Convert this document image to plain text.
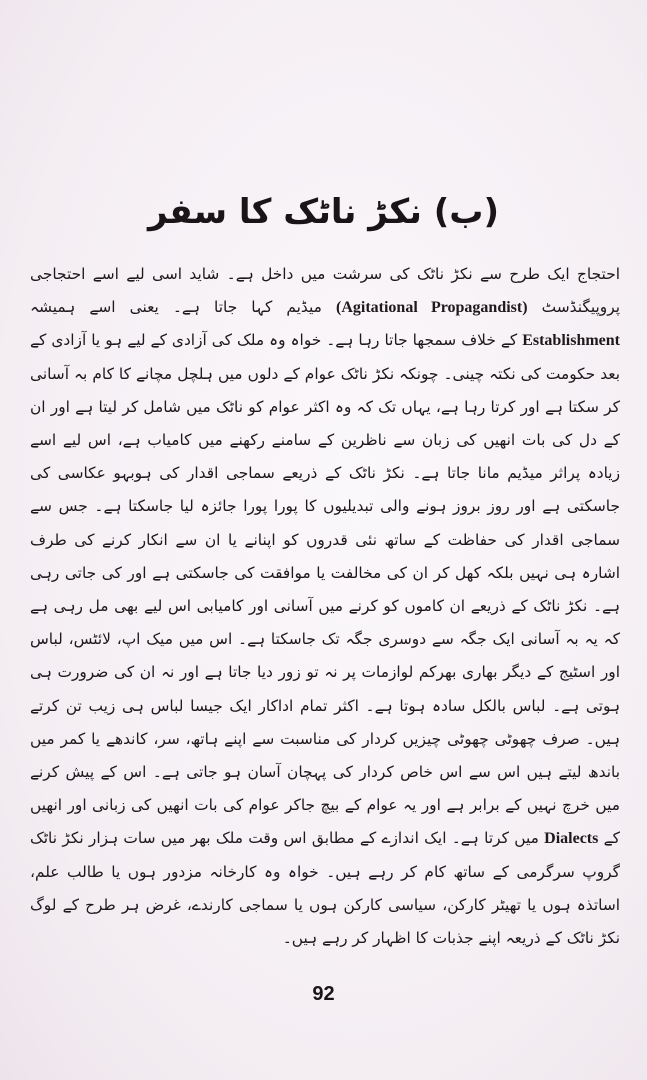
(ب) نکڑ ناٹک کا سفر

احتجاج ایک طرح سے نکڑ ناٹک کی سرشت میں داخل ہے۔ شاید اسی لیے اسے احتجاجی پروپیگنڈسٹ (Agitational Propagandist) میڈیم کہا جاتا ہے۔ یعنی اسے ہمیشہ Establishment کے خلاف سمجھا جاتا رہا ہے۔ خواہ وہ ملک کی آزادی کے لیے ہو یا آزادی کے بعد حکومت کی نکتہ چینی۔ چونکہ نکڑ ناٹک عوام کے دلوں میں ہلچل مچانے کا کام بہ آسانی کر سکتا ہے اور کرتا رہا ہے، یہاں تک کہ وہ اکثر عوام کو ناٹک میں شامل کر لیتا ہے اور ان کے دل کی بات انھیں کی زبان سے ناظرین کے سامنے رکھنے میں کامیاب ہے، اس لیے اسے زیادہ پراثر میڈیم مانا جاتا ہے۔ نکڑ ناٹک کے ذریعے سماجی اقدار کی ہوبہو عکاسی کی جاسکتی ہے اور روز بروز ہونے والی تبدیلیوں کا پورا پورا جائزہ لیا جاسکتا ہے۔ جس سے سماجی اقدار کی حفاظت کے ساتھ نئی قدروں کو اپنانے یا ان سے انکار کرنے کی طرف اشارہ ہی نہیں بلکہ کھل کر ان کی مخالفت یا موافقت کی جاسکتی ہے اور کی جاتی رہی ہے۔ نکڑ ناٹک کے ذریعے ان کاموں کو کرنے میں آسانی اور کامیابی اس لیے بھی مل رہی ہے کہ یہ بہ آسانی ایک جگہ سے دوسری جگہ تک جاسکتا ہے۔ اس میں میک اپ، لائٹس، لباس اور اسٹیج کے دیگر بھاری بھرکم لوازمات پر نہ تو زور دیا جاتا ہے اور نہ ان کی ضرورت ہی ہوتی ہے۔ لباس بالکل سادہ ہوتا ہے۔ اکثر تمام اداکار ایک جیسا لباس ہی زیب تن کرتے ہیں۔ صرف چھوٹی چھوٹی چیزیں کردار کی مناسبت سے اپنے ہاتھ، سر، کاندھے یا کمر میں باندھ لیتے ہیں اس سے اس خاص کردار کی پہچان آسان ہو جاتی ہے۔ اس کے پیش کرنے میں خرچ نہیں کے برابر ہے اور یہ عوام کے بیچ جاکر عوام کی بات انھیں کی زبانی اور انھیں کے Dialects میں کرتا ہے۔ ایک اندازے کے مطابق اس وقت ملک بھر میں سات ہزار نکڑ ناٹک گروپ سرگرمی کے ساتھ کام کر رہے ہیں۔ خواہ وہ کارخانہ مزدور ہوں یا طالب علم، اساتذہ ہوں یا تھیٹر کارکن، سیاسی کارکن ہوں یا سماجی کارندے، غرض ہر طرح کے لوگ نکڑ ناٹک کے ذریعہ اپنے جذبات کا اظہار کر رہے ہیں۔

92
